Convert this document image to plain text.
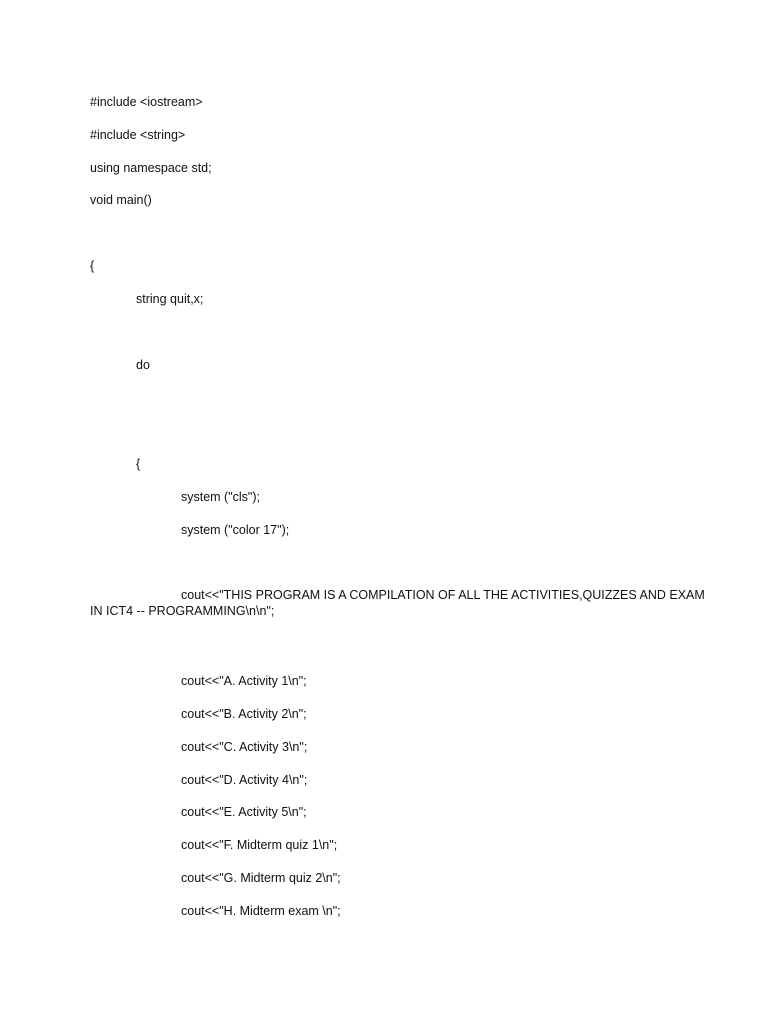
#include <iostream>
#include <string>
using namespace std;
void main()
{
string quit,x;
do
{
system ("cls");
system ("color 17");
cout<<"THIS PROGRAM IS A COMPILATION OF ALL THE ACTIVITIES,QUIZZES AND EXAM
IN ICT4 -- PROGRAMMING\n\n";
cout<<"A. Activity 1\n";
cout<<"B. Activity 2\n";
cout<<"C. Activity 3\n";
cout<<"D. Activity 4\n";
cout<<"E. Activity 5\n";
cout<<"F. Midterm quiz 1\n";
cout<<"G. Midterm quiz 2\n";
cout<<"H. Midterm exam \n";
